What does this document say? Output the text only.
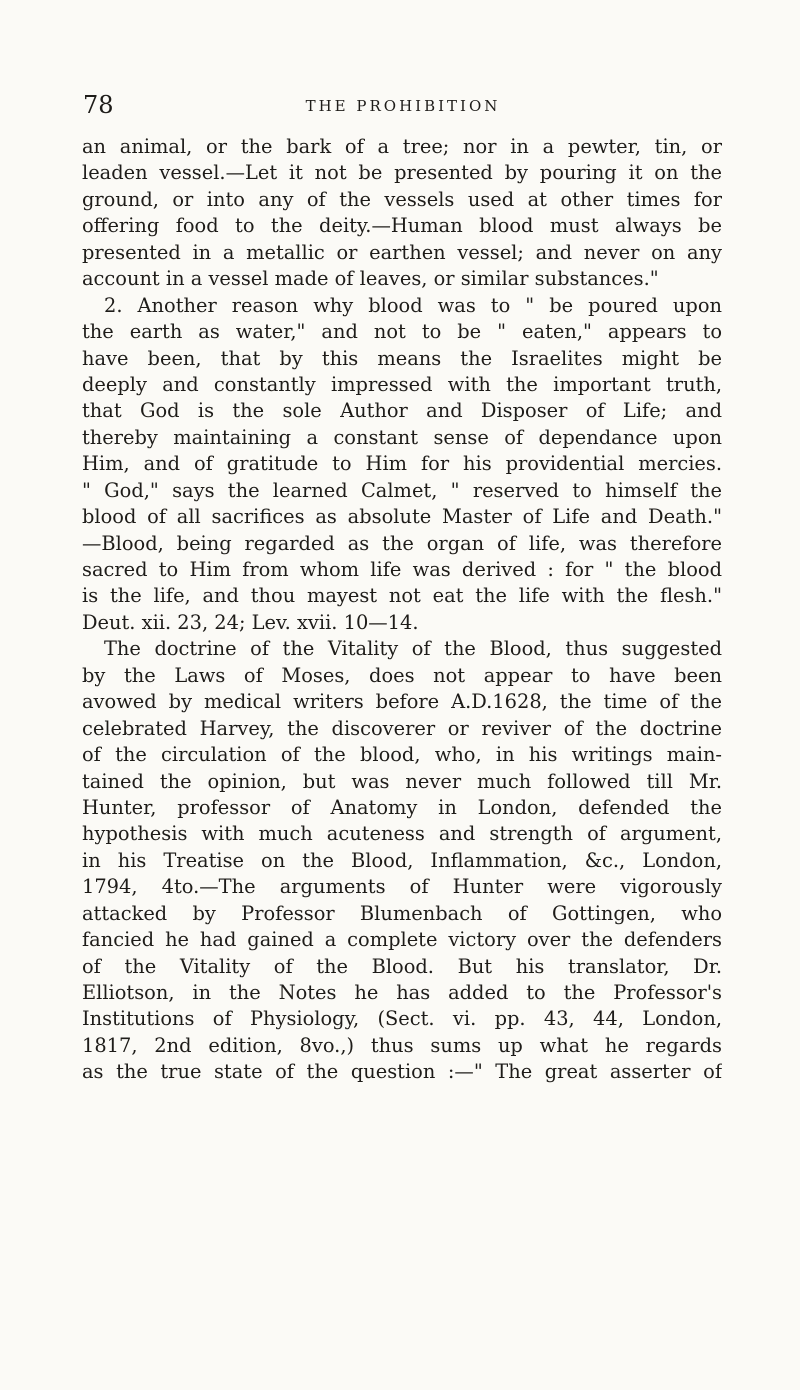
78	THE PROHIBITION
an animal, or the bark of a tree; nor in a pewter, tin, or
leaden vessel.—Let it not be presented by pouring it on the
ground, or into any of the vessels used at other times for
offering food to the deity.—Human blood must always be
presented in a metallic or earthen vessel; and never on any
account in a vessel made of leaves, or similar substances."
2. Another reason why blood was to " be poured upon
the earth as water," and not to be " eaten," appears to
have been, that by this means the Israelites might be
deeply and constantly impressed with the important truth,
that God is the sole Author and Disposer of Life; and
thereby maintaining a constant sense of dependance upon
Him, and of gratitude to Him for his providential mercies.
" God," says the learned Calmet, " reserved to himself the
blood of all sacrifices as absolute Master of Life and Death."
—Blood, being regarded as the organ of life, was therefore
sacred to Him from whom life was derived : for " the blood
is the life, and thou mayest not eat the life with the flesh."
Deut. xii. 23, 24; Lev. xvii. 10—14.
The doctrine of the Vitality of the Blood, thus suggested
by the Laws of Moses, does not appear to have been
avowed by medical writers before A.D.1628, the time of the
celebrated Harvey, the discoverer or reviver of the doctrine
of the circulation of the blood, who, in his writings main-
tained the opinion, but was never much followed till Mr.
Hunter, professor of Anatomy in London, defended the
hypothesis with much acuteness and strength of argument,
in his Treatise on the Blood, Inflammation, &c., London,
1794, 4to.—The arguments of Hunter were vigorously
attacked by Professor Blumenbach of Gottingen, who
fancied he had gained a complete victory over the defenders
of the Vitality of the Blood. But his translator, Dr.
Elliotson, in the Notes he has added to the Professor's
Institutions of Physiology, (Sect. vi. pp. 43, 44, London,
1817, 2nd edition, 8vo.,) thus sums up what he regards
as the true state of the question :—" The great asserter of
